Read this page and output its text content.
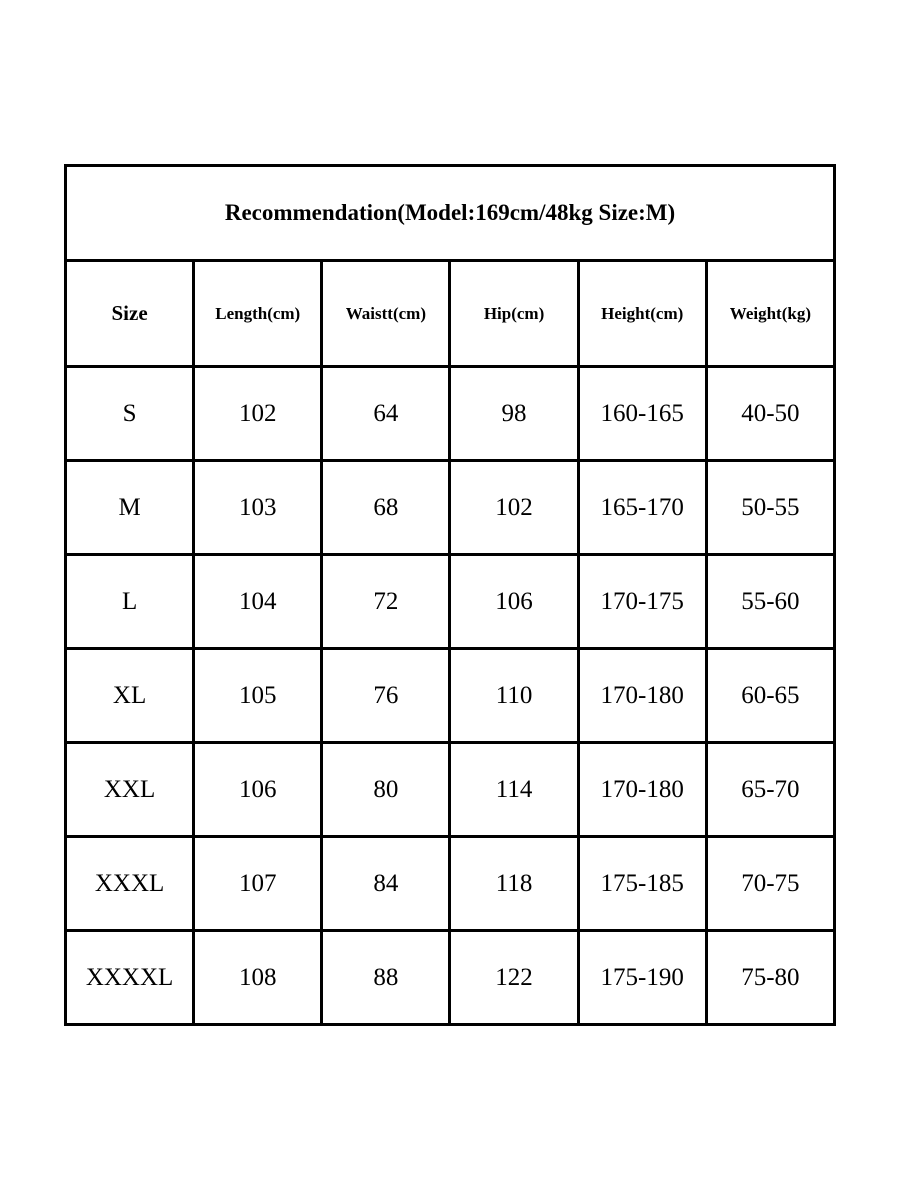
Recommendation(Model:169cm/48kg Size:M)					
Size	Length(cm)	Waistt(cm)	Hip(cm)	Height(cm)	Weight(kg)
S	102	64	98	160-165	40-50
M	103	68	102	165-170	50-55
L	104	72	106	170-175	55-60
XL	105	76	110	170-180	60-65
XXL	106	80	114	170-180	65-70
XXXL	107	84	118	175-185	70-75
XXXXL	108	88	122	175-190	75-80
